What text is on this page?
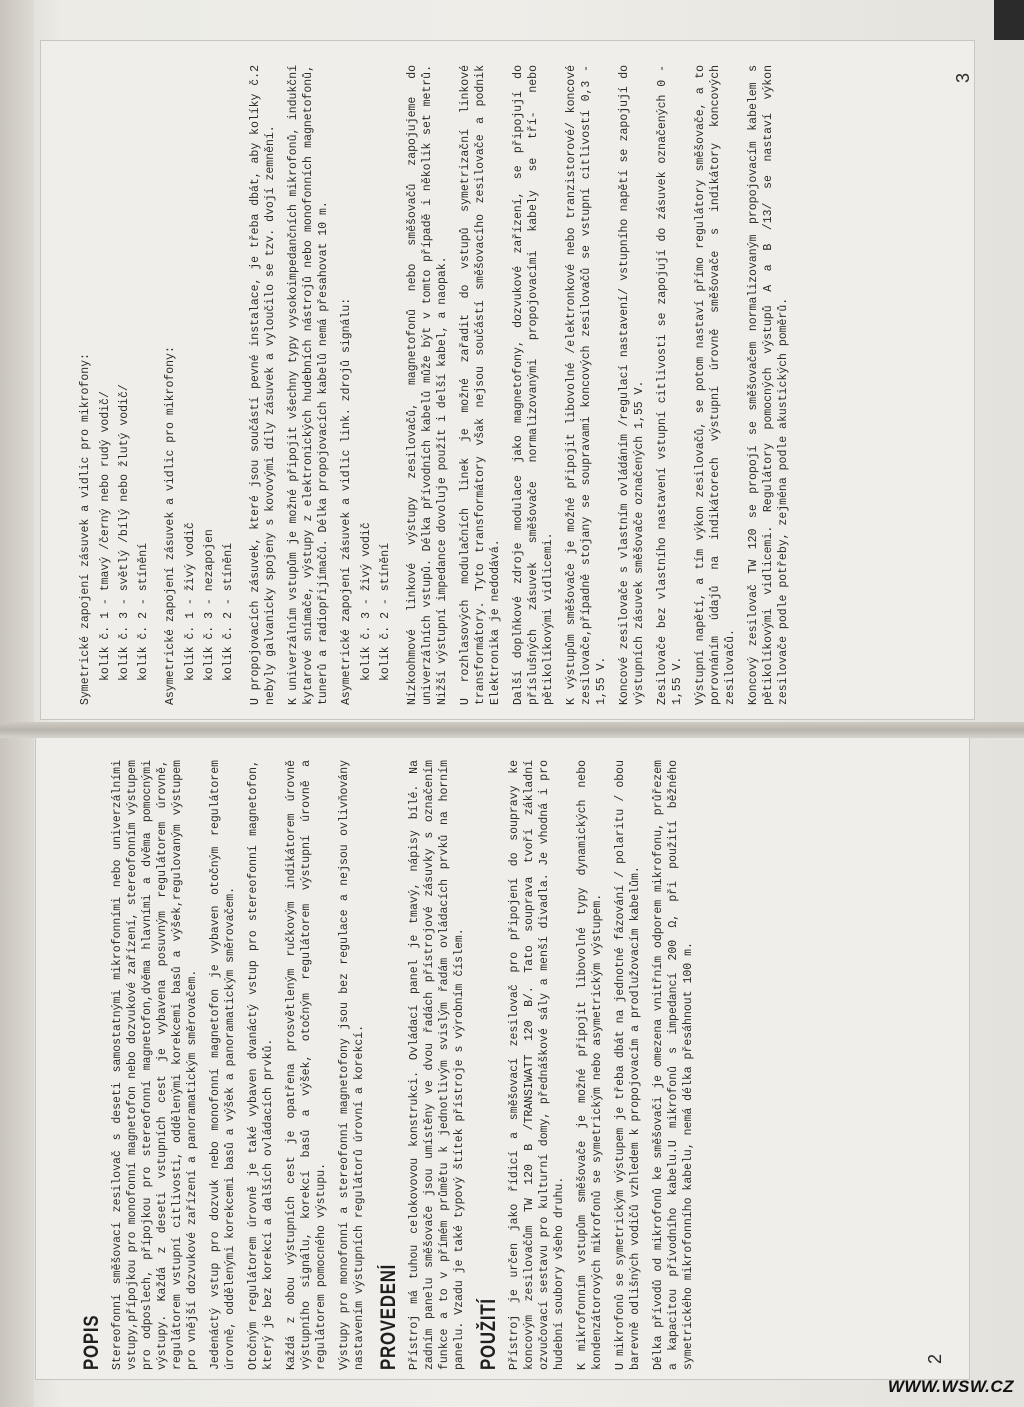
Symetrické zapojení zásuvek a vidlic pro mikrofony: kolík č. 1 - tmavý /černý nebo rudý vodič/ kolík č. 3 - světlý /bílý nebo žlutý vodič/ kolík č. 2 - stínění Asymetrické zapojení zásuvek a vidlic pro mikrofony: kolík č. 1 - živý vodič kolík č. 3 - nezapojen kolík č. 2 - stínění U propojovacích zásuvek, které jsou součástí pevné instalace, je třeba dbát, aby kolíky č.2 nebyly galvanicky spojeny s kovovými díly zásuvek a vyloučilo se tzv. dvojí zemnění. K univerzálním vstupům je možné připojit všechny typy vysokoimpedančních mikrofonů, indukční kytarové snímače, výstupy z elektronických hudebních nástrojů nebo monofonních magnetofonů, tunerů a radiopřijímačů. Délka propojovacích kabelů nemá přesahovat 10 m. Asymetrické zapojení zásuvek a vidlic link. zdrojů signálu: kolík č. 3 - živý vodič kolík č. 2 - stínění Nízkoohmové linkové výstupy zesilovačů, magnetofonů nebo směšovačů zapojujeme do univerzálních vstupů. Délka přívodních kabelů může být v tomto případě i několik set metrů. Nižší výstupní impedance dovoluje použít i delší kabel, a naopak. U rozhlasových modulačních linek je možné zařadit do vstupů symetrizační linkové transformátory. Tyto transformátory však nejsou součástí směšovacího zesilovače a podnik Elektronika je nedodává. Další doplňkové zdroje modulace jako magnetofony, dozvukové zařízení, se připojují do příslušných zásuvek směšovače normalizovanými propojovacími kabely se tří- nebo pětikolíkovými vidlicemi. K výstupům směšovače je možné připojit libovolné /elektronkové nebo tranzistorové/ koncové zesilovače,případně stojany se soupravami koncových zesilovačů se vstupní citlivostí 0,3 - 1,55 V. Koncové zesilovače s vlastním ovládáním /regulací nastavení/ vstupního napětí se zapojují do výstupních zásuvek směšovače označených 1,55 V. Zesilovače bez vlastního nastavení vstupní citlivosti se zapojují do zásuvek označených 0 - 1,55 V. Výstupní napětí, a tím výkon zesilovačů, se potom nastaví přímo regulátory směšovače, a to porovnáním údajů na indikátorech výstupní úrovně směšovače s indikátory koncových zesilovačů. Koncový zesilovač TW 120 se propojí se směšovačem normalizovaným propojovacím kabelem s pětikolíkovými vidlicemi. Regulátory pomocných výstupů A a B /13/ se nastaví výkon zesilovače podle potřeby, zejména podle akustických poměrů.

3
POPIS Stereofonní směšovací zesilovač s deseti samostatnými mikrofonními nebo univerzálními vstupy,přípojkou pro monofonní magnetofon nebo dozvukové zařízení, stereofonním výstupem pro odposlech, přípojkou pro stereofonní magnetofon,dvěma hlavními a dvěma pomocnými výstupy. Každá z deseti vstupních cest je vybavena posuvným regulátorem úrovně, regulátorem vstupní citlivosti, oddělenými korekcemi basů a výšek,regulovaným výstupem pro vnější dozvukové zařízení a panoramatickým směrovačem. Jedenáctý vstup pro dozvuk nebo monofonní magnetofon je vybaven otočným regulátorem úrovně, oddělenými korekcemi basů a výšek a panoramatickým směrovačem. Otočným regulátorem úrovně je také vybaven dvanáctý vstup pro stereofonní magnetofon, který je bez korekcí a dalších ovládacích prvků. Každá z obou výstupních cest je opatřena prosvětleným ručkovým indikátorem úrovně výstupního signálu, korekcí basů a výšek, otočným regulátorem výstupní úrovně a regulátorem pomocného výstupu. Výstupy pro monofonní a stereofonní magnetofony jsou bez regulace a nejsou ovlivňovány nastavením výstupních regulátorů úrovní a korekcí. PROVEDENÍ Přístroj má tuhou celokovovou konstrukci. Ovládací panel je tmavý, nápisy bílé. Na zadním panelu směšovače jsou umístěny ve dvou řadách přístrojové zásuvky s označením funkce a to v přímém průmětu k jednotlivým svislým řadám ovládacích prvků na horním panelu. Vzadu je také typový štítek přístroje s výrobním číslem. POUŽITÍ Přístroj je určen jako řídicí a směšovací zesilovač pro připojení do soupravy ke koncovým zesilovačům TW 120 B /TRANSIWATT 120 B/. Tato souprava tvoří základní ozvučovací sestavu pro kulturní domy, přednáškové sály a menší divadla. Je vhodná i pro hudební soubory všeho druhu. K mikrofonním vstupům směšovače je možné připojit libovolné typy dynamických nebo kondenzátorových mikrofonů se symetrickým nebo asymetrickým výstupem. U mikrofonů se symetrickým výstupem je třeba dbát na jednotné fázování / polaritu / obou barevně odlišných vodičů vzhledem k propojovacím a prodlužovacím kabelům. Délka přívodů od mikrofonů ke směšovači je omezena vnitřním odporem mikrofonu, průřezem a kapacitou přívodního kabelu.U mikrofonů s impedancí 200 Ω, při použití běžného symetrického mikrofonního kabelu, nemá délka přesáhnout 100 m.	2
WWW.WSW.CZ
